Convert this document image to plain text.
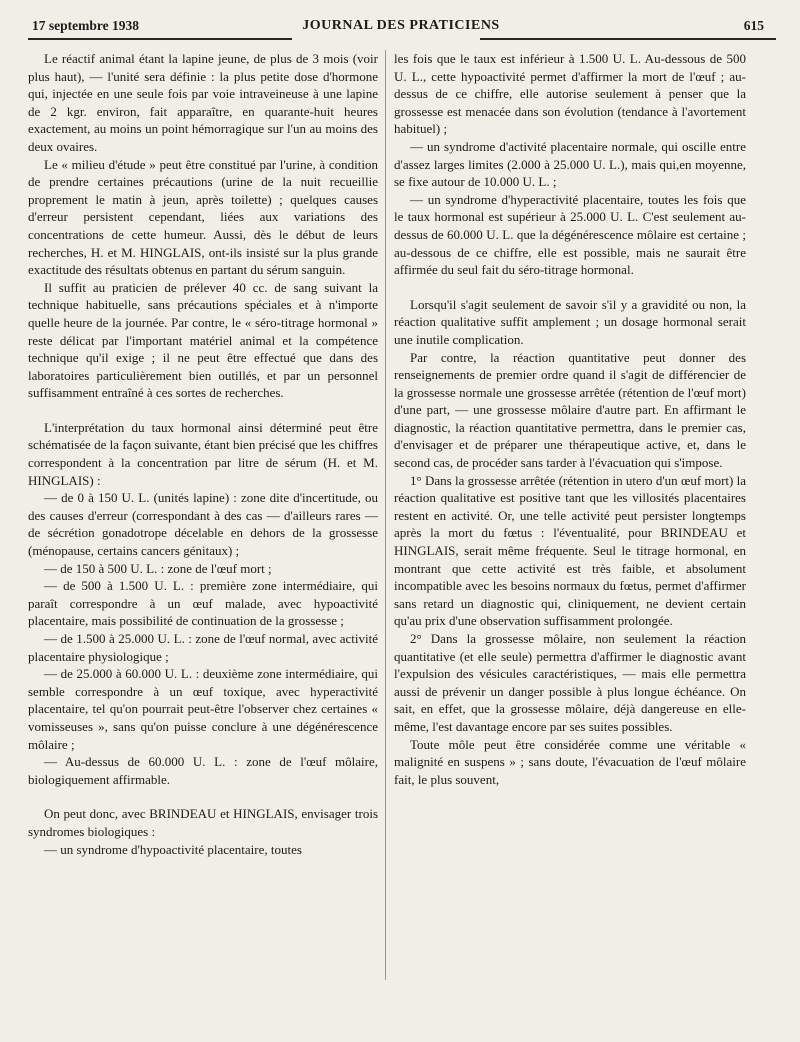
17 septembre 1938	JOURNAL DES PRATICIENS	615

Le réactif animal étant la lapine jeune, de plus de 3 mois (voir plus haut), — l'unité sera définie : la plus petite dose d'hormone qui, injectée en une seule fois par voie intraveineuse à une lapine de 2 kgr. environ, fait apparaître, en quarante-huit heures exactement, au moins un point hémorragique sur l'un au moins des deux ovaires.

Le « milieu d'étude » peut être constitué par l'urine, à condition de prendre certaines précautions (urine de la nuit recueillie proprement le matin à jeun, après toilette) ; quelques causes d'erreur persistent cependant, liées aux variations des concentrations de cette humeur. Aussi, dès le début de leurs recherches, H. et M. HINGLAIS, ont-ils insisté sur la plus grande exactitude des résultats obtenus en partant du sérum sanguin.

Il suffit au praticien de prélever 40 cc. de sang suivant la technique habituelle, sans précautions spéciales et à n'importe quelle heure de la journée. Par contre, le « séro-titrage hormonal » reste délicat par l'important matériel animal et la compétence technique qu'il exige ; il ne peut être effectué que dans des laboratoires particulièrement bien outillés, et par un personnel suffisamment entraîné à ces sortes de recherches.

L'interprétation du taux hormonal ainsi déterminé peut être schématisée de la façon suivante, étant bien précisé que les chiffres correspondent à la concentration par litre de sérum (H. et M. HINGLAIS) :

— de 0 à 150 U. L. (unités lapine) : zone dite d'incertitude, ou des causes d'erreur (correspondant à des cas — d'ailleurs rares — de sécrétion gonadotrope décelable en dehors de la grossesse (ménopause, certains cancers génitaux) ;

— de 150 à 500 U. L. : zone de l'œuf mort ;

— de 500 à 1.500 U. L. : première zone intermédiaire, qui paraît correspondre à un œuf malade, avec hypoactivité placentaire, mais possibilité de continuation de la grossesse ;

— de 1.500 à 25.000 U. L. : zone de l'œuf normal, avec activité placentaire physiologique ;

— de 25.000 à 60.000 U. L. : deuxième zone intermédiaire, qui semble correspondre à un œuf toxique, avec hyperactivité placentaire, tel qu'on pourrait peut-être l'observer chez certaines « vomisseuses », sans qu'on puisse conclure à une dégénérescence môlaire ;

— Au-dessus de 60.000 U. L. : zone de l'œuf môlaire, biologiquement affirmable.

On peut donc, avec BRINDEAU et HINGLAIS, envisager trois syndromes biologiques :

— un syndrome d'hypoactivité placentaire, toutes

les fois que le taux est inférieur à 1.500 U. L. Au-dessous de 500 U. L., cette hypoactivité permet d'affirmer la mort de l'œuf ; au-dessus de ce chiffre, elle autorise seulement à penser que la grossesse est menacée dans son évolution (tendance à l'avortement habituel) ;

— un syndrome d'activité placentaire normale, qui oscille entre d'assez larges limites (2.000 à 25.000 U. L.), mais qui,en moyenne, se fixe autour de 10.000 U. L. ;

— un syndrome d'hyperactivité placentaire, toutes les fois que le taux hormonal est supérieur à 25.000 U. L. C'est seulement au-dessus de 60.000 U. L. que la dégénérescence môlaire est certaine ; au-dessous de ce chiffre, elle est possible, mais ne saurait être affirmée du seul fait du séro-titrage hormonal.

Lorsqu'il s'agit seulement de savoir s'il y a gravidité ou non, la réaction qualitative suffit amplement ; un dosage hormonal serait une inutile complication.

Par contre, la réaction quantitative peut donner des renseignements de premier ordre quand il s'agit de différencier de la grossesse normale une grossesse arrêtée (rétention de l'œuf mort) d'une part, — une grossesse môlaire d'autre part. En affirmant le diagnostic, la réaction quantitative permettra, dans le premier cas, d'envisager et de préparer une thérapeutique active, et, dans le second cas, de procéder sans tarder à l'évacuation qui s'impose.

1° Dans la grossesse arrêtée (rétention in utero d'un œuf mort) la réaction qualitative est positive tant que les villosités placentaires restent en activité. Or, une telle activité peut persister longtemps après la mort du fœtus : l'éventualité, pour BRINDEAU et HINGLAIS, serait même fréquente. Seul le titrage hormonal, en montrant que cette activité est très faible, et absolument incompatible avec les besoins normaux du fœtus, permet d'affirmer sans retard un diagnostic qui, cliniquement, ne devient certain qu'au prix d'une observation suffisamment prolongée.

2° Dans la grossesse môlaire, non seulement la réaction quantitative (et elle seule) permettra d'affirmer le diagnostic avant l'expulsion des vésicules caractéristiques, — mais elle permettra aussi de prévenir un danger possible à plus longue échéance. On sait, en effet, que la grossesse môlaire, déjà dangereuse en elle-même, l'est davantage encore par ses suites possibles.

Toute môle peut être considérée comme une véritable « malignité en suspens » ; sans doute, l'évacuation de l'œuf môlaire fait, le plus souvent,
